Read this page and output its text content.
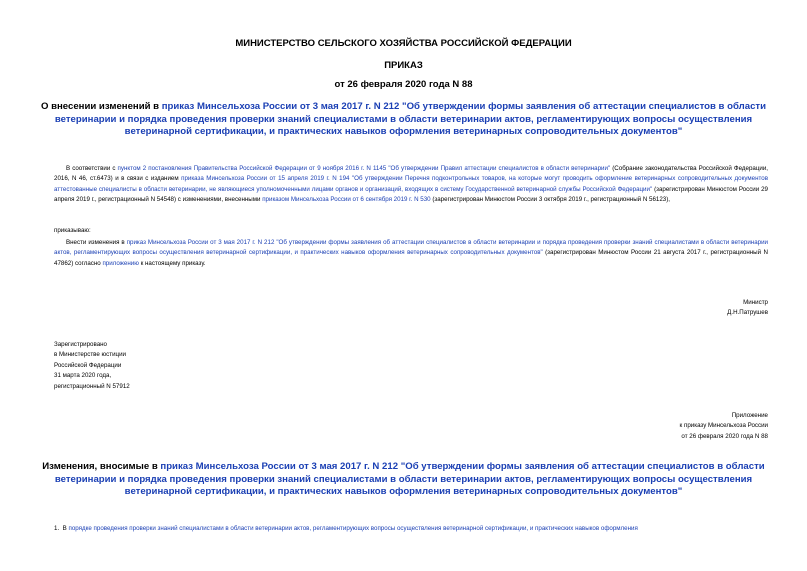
МИНИСТЕРСТВО СЕЛЬСКОГО ХОЗЯЙСТВА РОССИЙСКОЙ ФЕДЕРАЦИИ
ПРИКАЗ
от 26 февраля 2020 года N 88
О внесении изменений в приказ Минсельхоза России от 3 мая 2017 г. N 212 "Об утверждении формы заявления об аттестации специалистов в области ветеринарии и порядка проведения проверки знаний специалистами в области ветеринарии актов, регламентирующих вопросы осуществления ветеринарной сертификации, и практических навыков оформления ветеринарных сопроводительных документов"
В соответствии с пунктом 2 постановления Правительства Российской Федерации от 9 ноября 2016 г. N 1145 "Об утверждении Правил аттестации специалистов в области ветеринарии" (Собрание законодательства Российской Федерации, 2016, N 46, ст.6473) и в связи с изданием приказа Минсельхоза России от 15 апреля 2019 г. N 194 "Об утверждении Перечня подконтрольных товаров, на которые могут проводить оформление ветеринарных сопроводительных документов аттестованные специалисты в области ветеринарии, не являющиеся уполномоченными лицами органов и организаций, входящих в систему Государственной ветеринарной службы Российской Федерации" (зарегистрирован Минюстом России 29 апреля 2019 г., регистрационный N 54548) с изменениями, внесенными приказом Минсельхоза России от 6 сентября 2019 г. N 530 (зарегистрирован Минюстом России 3 октября 2019 г., регистрационный N 56123),
приказываю:
Внести изменения в приказ Минсельхоза России от 3 мая 2017 г. N 212 "Об утверждении формы заявления об аттестации специалистов в области ветеринарии и порядка проведения проверки знаний специалистами в области ветеринарии актов, регламентирующих вопросы осуществления ветеринарной сертификации, и практических навыков оформления ветеринарных сопроводительных документов" (зарегистрирован Минюстом России 21 августа 2017 г., регистрационный N 47862) согласно приложению к настоящему приказу.
Министр
Д.Н.Патрушев
Зарегистрировано
в Министерстве юстиции
Российской Федерации
31 марта 2020 года,
регистрационный N 57912
Приложение
к приказу Минсельхоза России
от 26 февраля 2020 года N 88
Изменения, вносимые в приказ Минсельхоза России от 3 мая 2017 г. N 212 "Об утверждении формы заявления об аттестации специалистов в области ветеринарии и порядка проведения проверки знаний специалистами в области ветеринарии актов, регламентирующих вопросы осуществления ветеринарной сертификации, и практических навыков оформления ветеринарных сопроводительных документов"
1. В порядке проведения проверки знаний специалистами в области ветеринарии актов, регламентирующих вопросы осуществления ветеринарной сертификации, и практических навыков оформления
